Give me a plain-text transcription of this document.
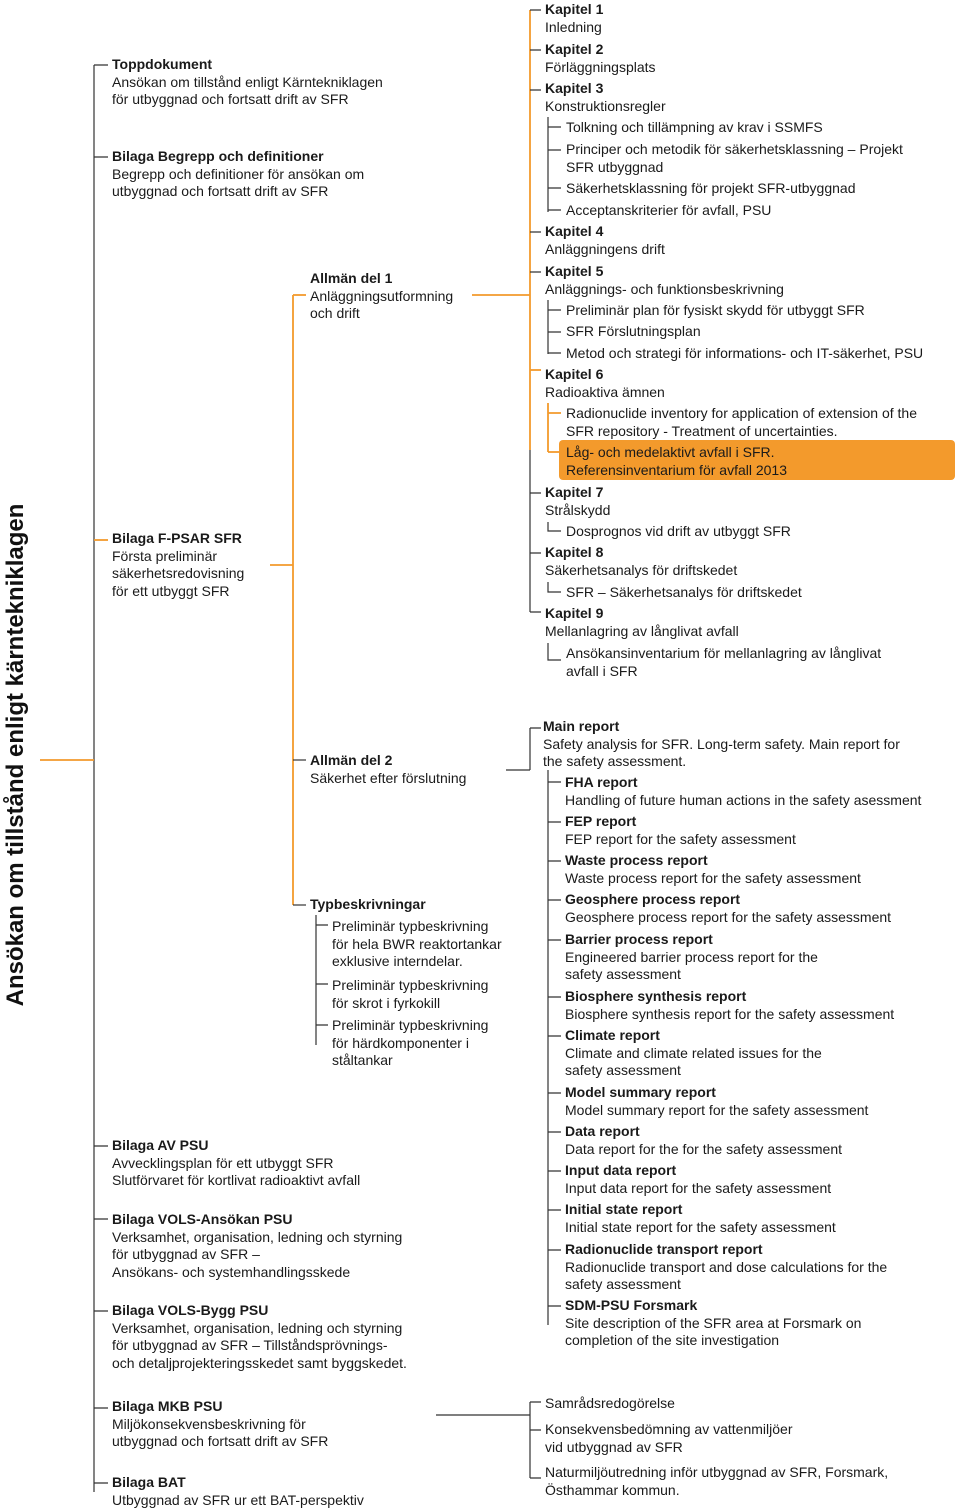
Ansökan om tillstånd enligt kärntekniklagen
Toppdokument
Ansökan om tillstånd enligt Kärntekniklagen
för utbyggnad och fortsatt drift av SFR
Bilaga Begrepp och definitioner
Begrepp och definitioner för ansökan om
utbyggnad och fortsatt drift av SFR
Bilaga F-PSAR SFR
Första preliminär
säkerhetsredovisning
för ett utbyggt SFR
Bilaga AV PSU
Avvecklingsplan för ett utbyggt SFR
Slutförvaret för kortlivat radioaktivt avfall
Bilaga VOLS-Ansökan PSU
Verksamhet, organisation, ledning och styrning
för utbyggnad av SFR –
Ansökans- och systemhandlingsskede
Bilaga VOLS-Bygg PSU
Verksamhet, organisation, ledning och styrning
för utbyggnad av SFR – Tillståndsprövnings-
och detaljprojekteringsskedet samt byggskedet.
Bilaga MKB PSU
Miljökonsekvensbeskrivning för
utbyggnad och fortsatt drift av SFR
Bilaga BAT
Utbyggnad av SFR ur ett BAT-perspektiv
Allmän del 1
Anläggningsutformning
och drift
Allmän del 2
Säkerhet efter förslutning
Typbeskrivningar
Preliminär typbeskrivning
för hela BWR reaktortankar
exklusive interndelar.
Preliminär typbeskrivning
för skrot i fyrkokill
Preliminär typbeskrivning
för härdkomponenter i
ståltankar
Kapitel 1
Inledning
Kapitel 2
Förläggningsplats
Kapitel 3
Konstruktionsregler
Tolkning och tillämpning av krav i SSMFS
Principer och metodik för säkerhetsklassning – Projekt
SFR utbyggnad
Säkerhetsklassning för projekt SFR-utbyggnad
Acceptanskriterier för avfall, PSU
Kapitel 4
Anläggningens drift
Kapitel 5
Anläggnings- och funktionsbeskrivning
Preliminär plan för fysiskt skydd för utbyggt SFR
SFR Förslutningsplan
Metod och strategi för informations- och IT-säkerhet, PSU
Kapitel 6
Radioaktiva ämnen
Radionuclide inventory for application of extension of the
SFR repository - Treatment of uncertainties.
Låg- och medelaktivt avfall i SFR.
Referensinventarium för avfall 2013
Kapitel 7
Strålskydd
Dosprognos vid drift av utbyggt SFR
Kapitel 8
Säkerhetsanalys för driftskedet
SFR – Säkerhetsanalys för driftskedet
Kapitel 9
Mellanlagring av långlivat avfall
Ansökansinventarium för mellanlagring av långlivat
avfall i SFR
Main report
Safety analysis for SFR. Long-term safety. Main report for
the safety assessment.
FHA report
Handling of future human actions in the safety asessment
FEP report
FEP report for the safety assessment
Waste process report
Waste process report for the safety assessment
Geosphere process report
Geosphere process report for the safety assessment
Barrier process report
Engineered barrier process report for the
safety assessment
Biosphere synthesis report
Biosphere synthesis report for the safety assessment
Climate report
Climate and climate related issues for the
safety assessment
Model summary report
Model summary report for the safety assessment
Data report
Data report for the for the safety assessment
Input data report
Input data report for the safety assessment
Initial state report
Initial state report for the safety assessment
Radionuclide transport report
Radionuclide transport and dose calculations for the
safety assessment
SDM-PSU Forsmark
Site description of the SFR area at Forsmark on
completion of the site investigation
Samrådsredogörelse
Konsekvensbedömning av vattenmiljöer
vid utbyggnad av SFR
Naturmiljöutredning inför utbyggnad av SFR, Forsmark,
Östhammar kommun.
